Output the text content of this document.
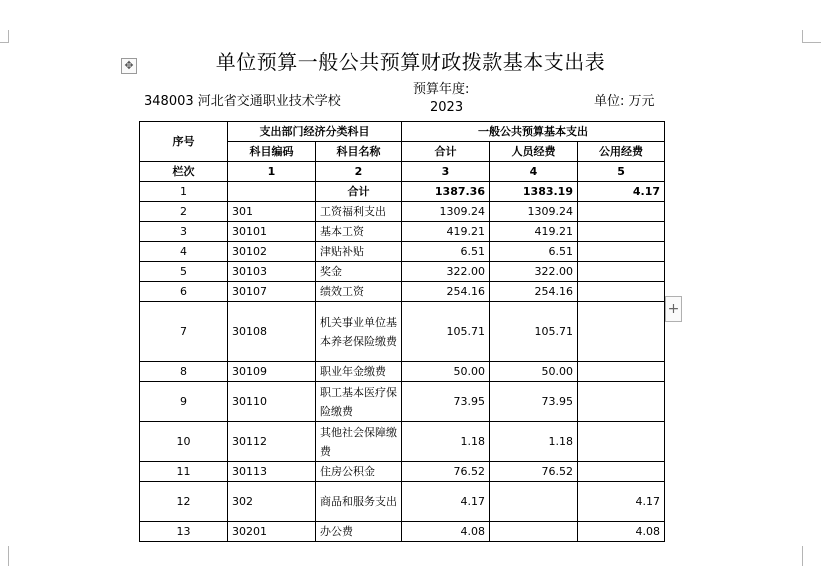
✥
+
单位预算一般公共预算财政拨款基本支出表
348003 河北省交通职业技术学校
预算年度:
2023	单位: 万元
序号	支出部门经济分类科目		一般公共预算基本支出		
	科目编码	科目名称	合计	人员经费	公用经费
栏次	1	2	3	4	5
1		合计	1387.36	1383.19	4.17
2	301	工资福利支出	1309.24	1309.24	
3	30101	基本工资	419.21	419.21	
4	30102	津贴补贴	6.51	6.51	
5	30103	奖金	322.00	322.00	
6	30107	绩效工资	254.16	254.16	
7	30108	机关事业单位基本养老保险缴费	105.71	105.71	
8	30109	职业年金缴费	50.00	50.00	
9	30110	职工基本医疗保险缴费	73.95	73.95	
10	30112	其他社会保障缴费	1.18	1.18	
11	30113	住房公积金	76.52	76.52	
12	302	商品和服务支出	4.17		4.17
13	30201	办公费	4.08		4.08
